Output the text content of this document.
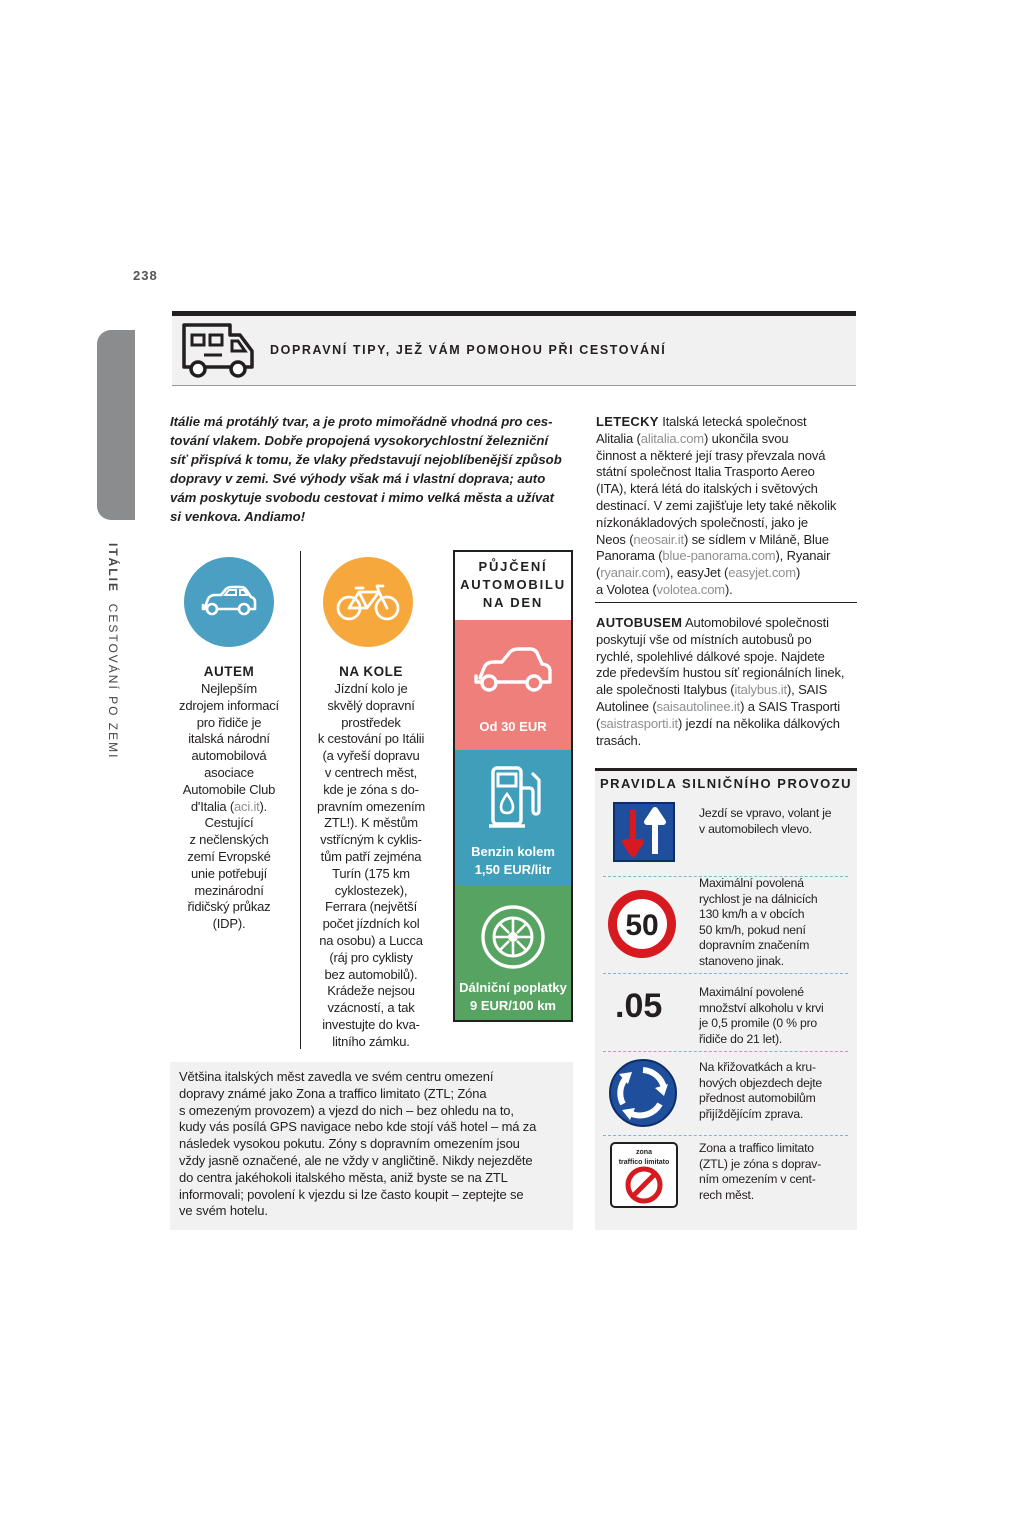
238
ITÁLIE  CESTOVÁNÍ PO ZEMI
DOPRAVNÍ TIPY, JEŽ VÁM POMOHOU PŘI CESTOVÁNÍ
Itálie má protáhlý tvar, a je proto mimořádně vhodná pro ces-
tování vlakem. Dobře propojená vysokorychlostní železniční
síť přispívá k tomu, že vlaky představují nejoblíbenější způsob
dopravy v zemi. Své výhody však má i vlastní doprava; auto
vám poskytuje svobodu cestovat i mimo velká města a užívat
si venkova. Andiamo!
AUTEM
Nejlepším
zdrojem informací
pro řidiče je
italská národní
automobilová
asociace
Automobile Club
d'Italia (aci.it).
Cestující
z nečlenských
zemí Evropské
unie potřebují
mezinárodní
řidičský průkaz
(IDP).
NA KOLE
Jízdní kolo je
skvělý dopravní
prostředek
k cestování po Itálii
(a vyřeší dopravu
v centrech měst,
kde je zóna s do-
pravním omezením
ZTL!). K městům
vstřícným k cyklis-
tům patří zejména
Turín (175 km
cyklostezek),
Ferrara (největší
počet jízdních kol
na osobu) a Lucca
(ráj pro cyklisty
bez automobilů).
Krádeže nejsou
vzácností, a tak
investujte do kva-
litního zámku.
PŮJČENÍ
AUTOMOBILU
NA DEN
Od 30 EUR
Benzin kolem
1,50 EUR/litr
Dálniční poplatky
9 EUR/100 km
Většina italských měst zavedla ve svém centru omezení
dopravy známé jako Zona a traffico limitato (ZTL; Zóna
s omezeným provozem) a vjezd do nich – bez ohledu na to,
kudy vás posílá GPS navigace nebo kde stojí váš hotel – má za
následek vysokou pokutu. Zóny s dopravním omezením jsou
vždy jasně označené, ale ne vždy v angličtině. Nikdy nejezděte
do centra jakéhokoli italského města, aniž byste se na ZTL
informovali; povolení k vjezdu si lze často koupit – zeptejte se
ve svém hotelu.
LETECKY Italská letecká společnost
Alitalia (alitalia.com) ukončila svou
činnost a některé její trasy převzala nová
státní společnost Italia Trasporto Aereo
(ITA), která létá do italských i světových
destinací. V zemi zajišťuje lety také několik
nízkonákladových společností, jako je
Neos (neosair.it) se sídlem v Miláně, Blue
Panorama (blue-panorama.com), Ryanair
(ryanair.com), easyJet (easyjet.com)
a Volotea (volotea.com).
AUTOBUSEM Automobilové společnosti
poskytují vše od místních autobusů po
rychlé, spolehlivé dálkové spoje. Najdete
zde především hustou síť regionálních linek,
ale společnosti Italybus (italybus.it), SAIS
Autolinee (saisautolinee.it) a SAIS Trasporti
(saistrasporti.it) jezdí na několika dálkových
trasách.
PRAVIDLA SILNIČNÍHO PROVOZU
Jezdí se vpravo, volant je
v automobilech vlevo.
50
Maximální povolená
rychlost je na dálnicích
130 km/h a v obcích
50 km/h, pokud není
dopravním značením
stanoveno jinak.
.05	Maximální povolené
množství alkoholu v krvi
je 0,5 promile (0 % pro
řidiče do 21 let).
Na křižovatkách a kru-
hových objezdech dejte
přednost automobilům
přijíždějícím zprava.
zona
traffico limitato
Zona a traffico limitato
(ZTL) je zóna s doprav-
ním omezením v cent-
rech měst.
